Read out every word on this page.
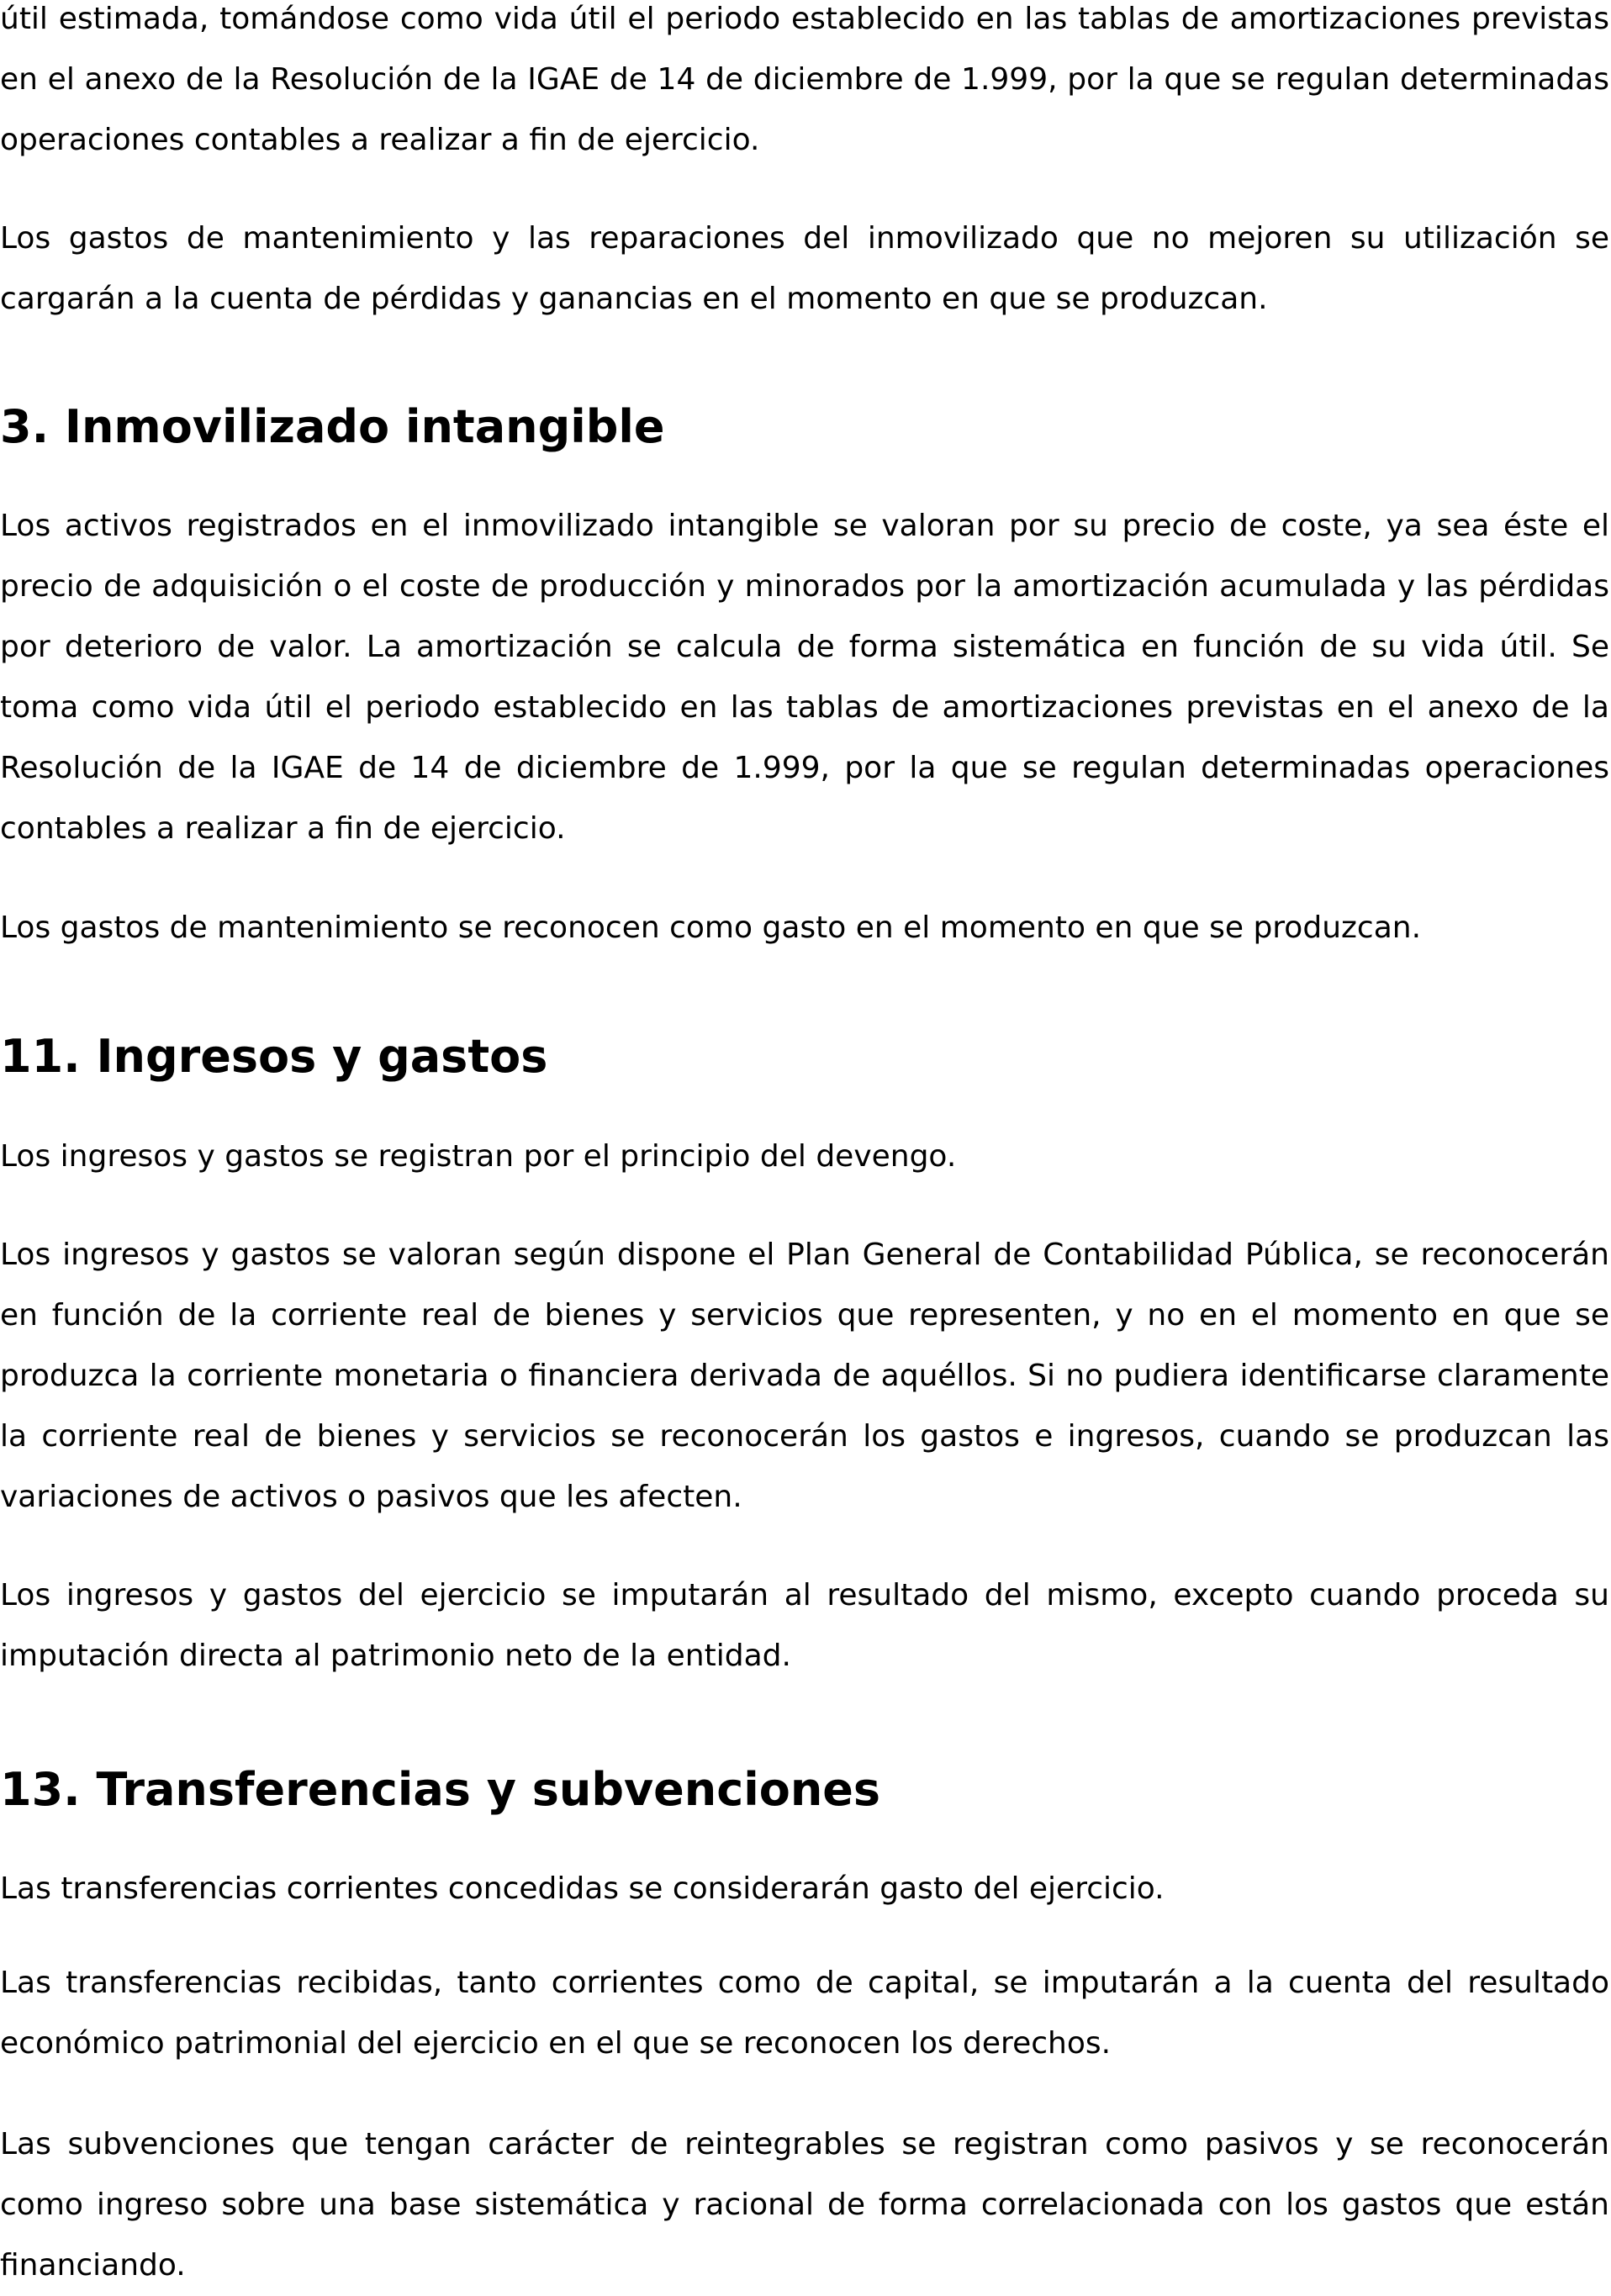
útil estimada, tomándose como vida útil el periodo establecido en las tablas de amortizaciones previstas en el anexo de la Resolución de la IGAE de 14 de diciembre de 1.999, por la que se regulan determinadas operaciones contables a realizar a fin de ejercicio.

Los gastos de mantenimiento y las reparaciones del inmovilizado que no mejoren su utilización se cargarán a la cuenta de pérdidas y ganancias en el momento en que se produzcan.

3. Inmovilizado intangible

Los activos registrados en el inmovilizado intangible se valoran por su precio de coste, ya sea éste el precio de adquisición o el coste de producción y minorados por la amortización acumulada y las pérdidas por deterioro de valor. La amortización se calcula de forma sistemática en función de su vida útil. Se toma como vida útil el periodo establecido en las tablas de amortizaciones previstas en el anexo de la Resolución de la IGAE de 14 de diciembre de 1.999, por la que se regulan determinadas operaciones contables a realizar a fin de ejercicio.

Los gastos de mantenimiento se reconocen como gasto en el momento en que se produzcan.

11. Ingresos y gastos

Los ingresos y gastos se registran por el principio del devengo.

Los ingresos y gastos se valoran según dispone el Plan General de Contabilidad Pública, se reconocerán en función de la corriente real de bienes y servicios que representen, y no en el momento en que se produzca la corriente monetaria o financiera derivada de aquéllos. Si no pudiera identificarse claramente la corriente real de bienes y servicios se reconocerán los gastos e ingresos, cuando se produzcan las variaciones de activos o pasivos que les afecten.

Los ingresos y gastos del ejercicio se imputarán al resultado del mismo, excepto cuando proceda su imputación directa al patrimonio neto de la entidad.

13. Transferencias y subvenciones

Las transferencias corrientes concedidas se considerarán gasto del ejercicio.

Las transferencias recibidas, tanto corrientes como de capital, se imputarán a la cuenta del resultado económico patrimonial del ejercicio en el que se reconocen los derechos.

Las subvenciones que tengan carácter de reintegrables se registran como pasivos y se reconocerán como ingreso sobre una base sistemática y racional de forma correlacionada con los gastos que están financiando.
